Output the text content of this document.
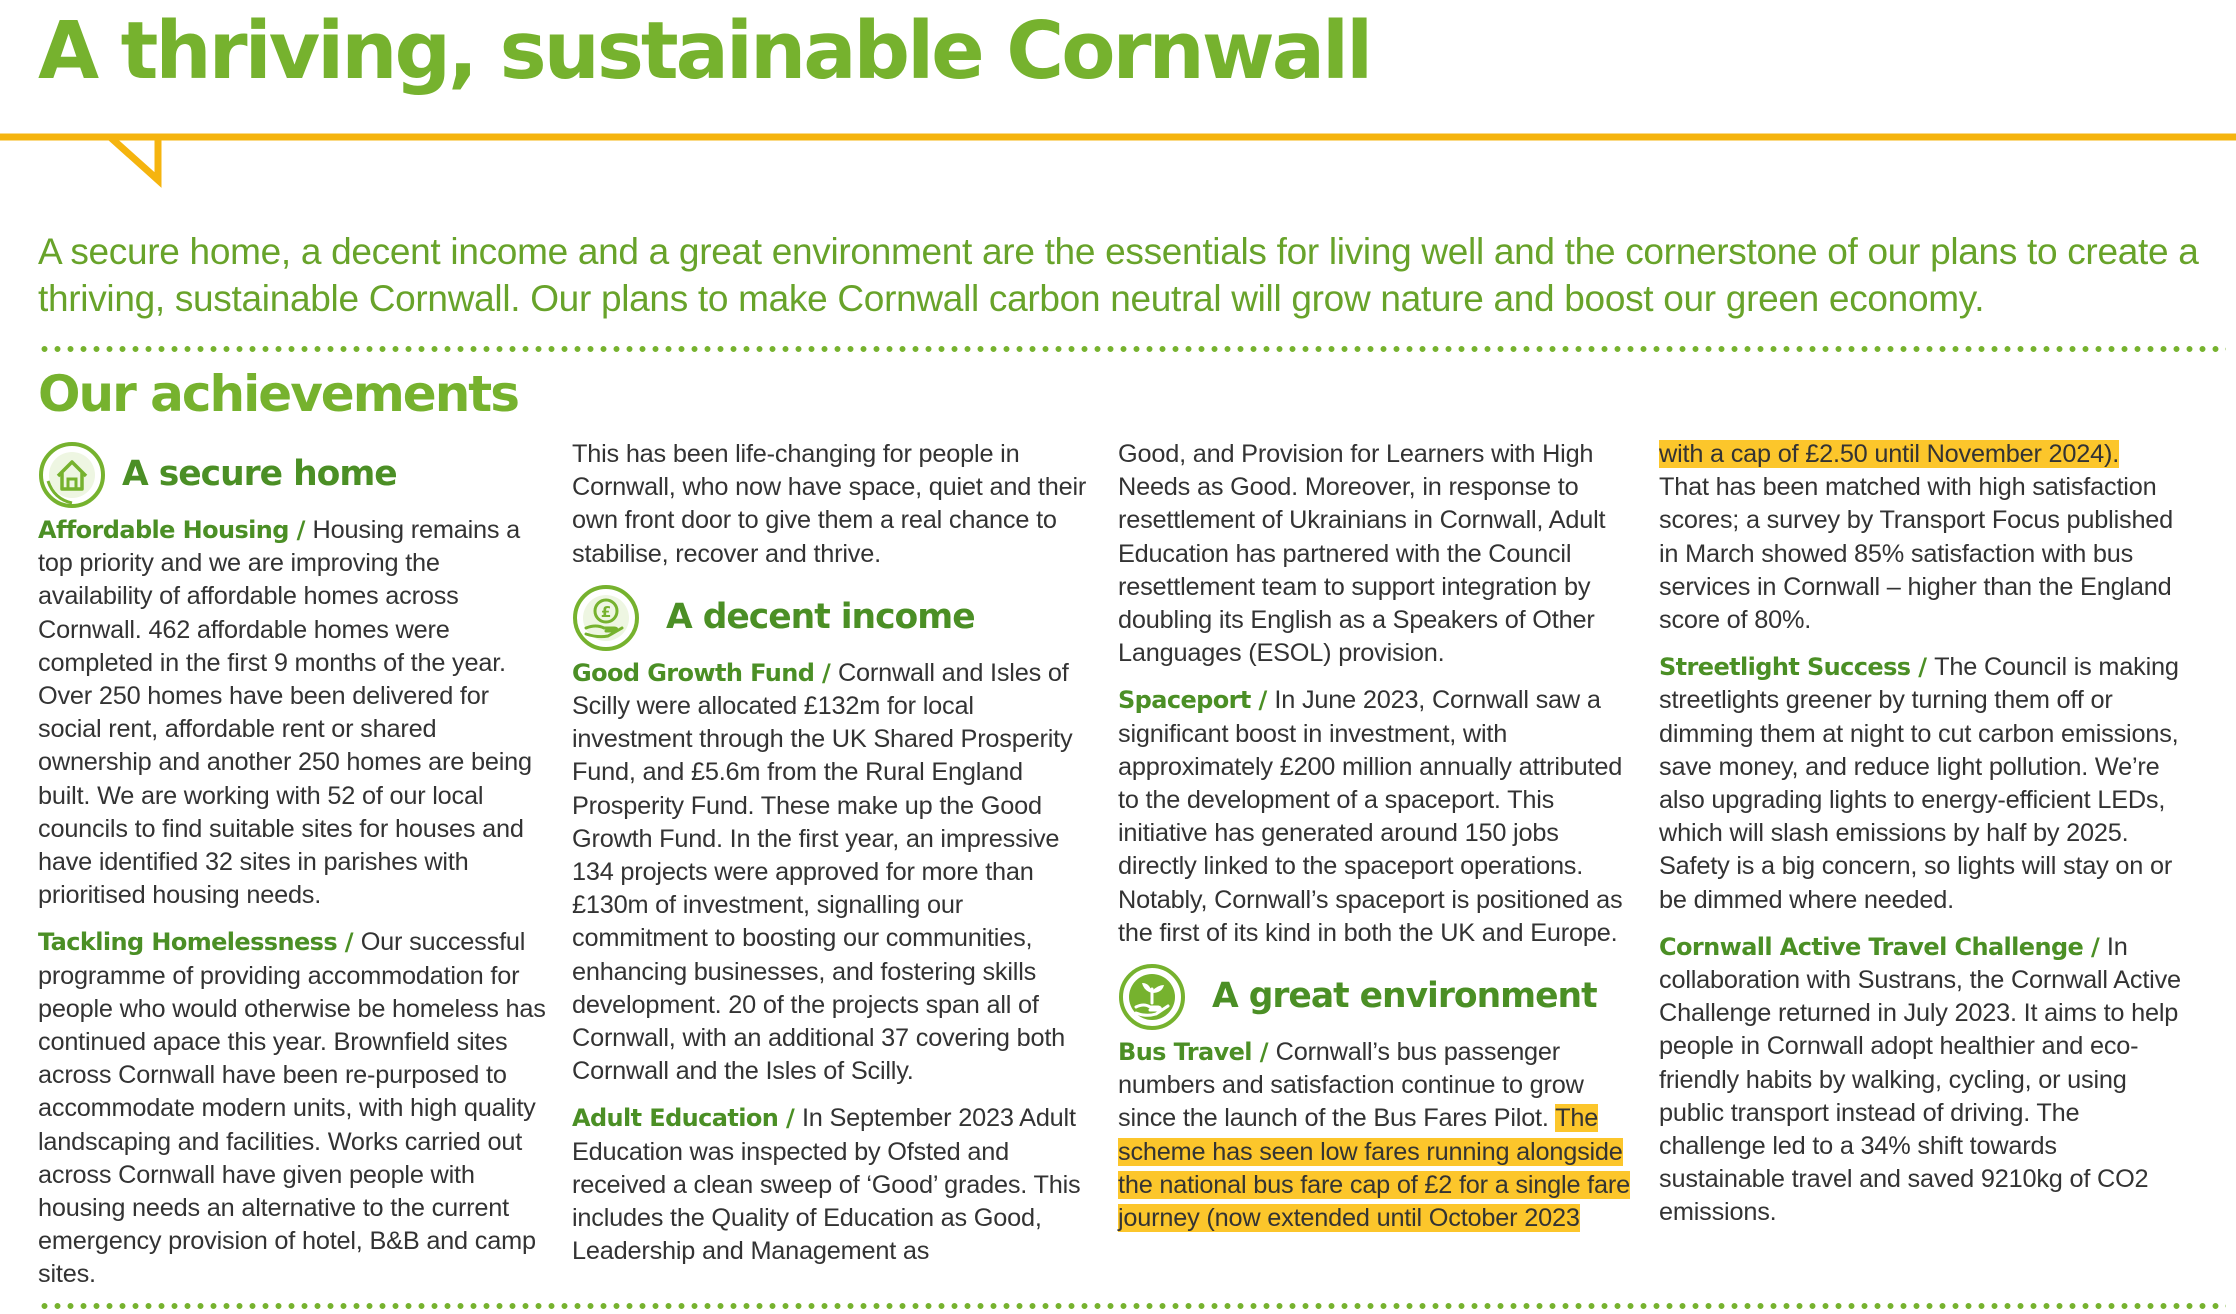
A thriving, sustainable Cornwall

A secure home, a decent income and a great environment are the essentials for living well and the cornerstone of our plans to create a thriving, sustainable Cornwall. Our plans to make Cornwall carbon neutral will grow nature and boost our green economy.

Our achievements
A secure home

Affordable Housing / Housing remains a top priority and we are improving the availability of affordable homes across Cornwall. 462 affordable homes were completed in the first 9 months of the year. Over 250 homes have been delivered for social rent, affordable rent or shared ownership and another 250 homes are being built. We are working with 52 of our local councils to find suitable sites for houses and have identified 32 sites in parishes with prioritised housing needs.

Tackling Homelessness / Our successful programme of providing accommodation for people who would otherwise be homeless has continued apace this year. Brownfield sites across Cornwall have been re-purposed to accommodate modern units, with high quality landscaping and facilities. Works carried out across Cornwall have given people with housing needs an alternative to the current emergency provision of hotel, B&B and camp sites.

This has been life-changing for people in Cornwall, who now have space, quiet and their own front door to give them a real chance to stabilise, recover and thrive.

£ A decent income

Good Growth Fund / Cornwall and Isles of Scilly were allocated £132m for local investment through the UK Shared Prosperity Fund, and £5.6m from the Rural England Prosperity Fund. These make up the Good Growth Fund. In the first year, an impressive 134 projects were approved for more than £130m of investment, signalling our commitment to boosting our communities, enhancing businesses, and fostering skills development. 20 of the projects span all of Cornwall, with an additional 37 covering both Cornwall and the Isles of Scilly.

Adult Education / In September 2023 Adult Education was inspected by Ofsted and received a clean sweep of ‘Good’ grades. This includes the Quality of Education as Good, Leadership and Management as

Good, and Provision for Learners with High Needs as Good. Moreover, in response to resettlement of Ukrainians in Cornwall, Adult Education has partnered with the Council resettlement team to support integration by doubling its English as a Speakers of Other Languages (ESOL) provision.

Spaceport / In June 2023, Cornwall saw a significant boost in investment, with approximately £200 million annually attributed to the development of a spaceport. This initiative has generated around 150 jobs directly linked to the spaceport operations. Notably, Cornwall’s spaceport is positioned as the first of its kind in both the UK and Europe.

A great environment

Bus Travel / Cornwall’s bus passenger numbers and satisfaction continue to grow since the launch of the Bus Fares Pilot. The scheme has seen low fares running alongside the national bus fare cap of £2 for a single fare journey (now extended until October 2023

with a cap of £2.50 until November 2024).
That has been matched with high satisfaction scores; a survey by Transport Focus published in March showed 85% satisfaction with bus services in Cornwall – higher than the England score of 80%.

Streetlight Success / The Council is making streetlights greener by turning them off or dimming them at night to cut carbon emissions, save money, and reduce light pollution. We’re also upgrading lights to energy-efficient LEDs, which will slash emissions by half by 2025. Safety is a big concern, so lights will stay on or be dimmed where needed.

Cornwall Active Travel Challenge / In collaboration with Sustrans, the Cornwall Active Challenge returned in July 2023. It aims to help people in Cornwall adopt healthier and eco-friendly habits by walking, cycling, or using public transport instead of driving. The challenge led to a 34% shift towards sustainable travel and saved 9210kg of CO2 emissions.
